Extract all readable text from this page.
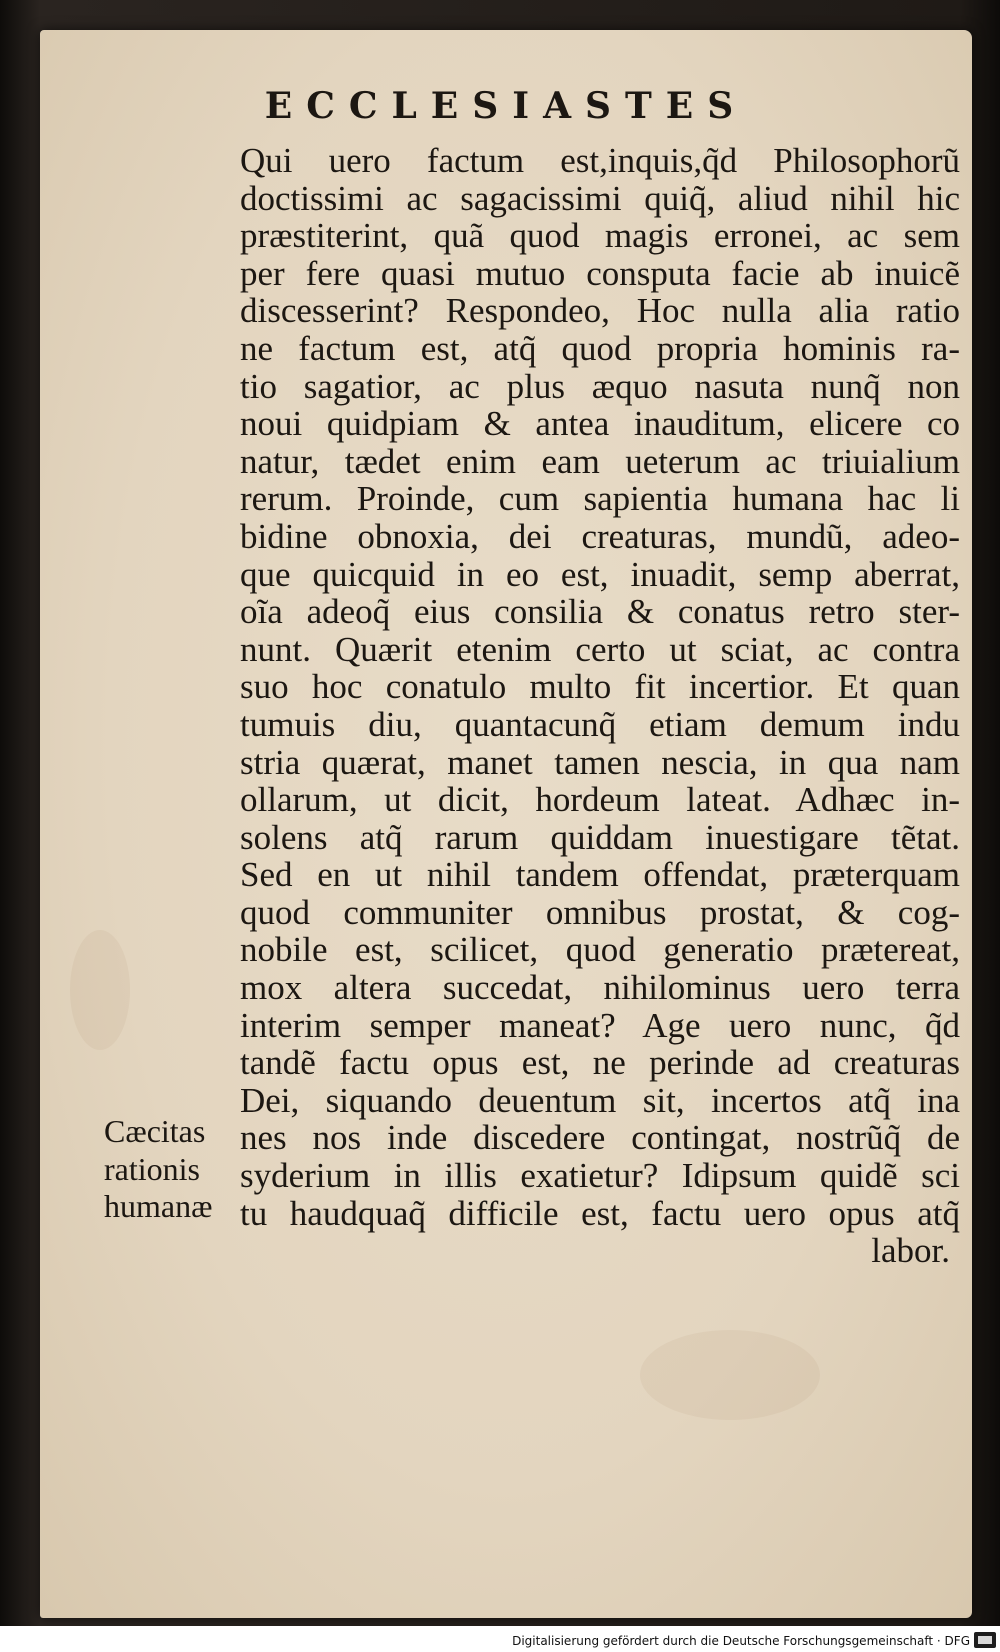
ECCLESIASTES
Qui uero factum est,inquis,q̃d Philosophorũ
doctissimi ac sagacissimi quiq̃, aliud nihil hic
præstiterint, quã quod magis erronei, ac sem
per fere quasi mutuo consputa facie ab inuicẽ
discesserint? Respondeo, Hoc nulla alia ratio
ne factum est, atq̃ quod propria hominis ra-
tio sagatior, ac plus æquo nasuta nunq̃ non
noui quidpiam & antea inauditum, elicere co
natur, tædet enim eam ueterum ac triuialium
rerum. Proinde, cum sapientia humana hac li
bidine obnoxia, dei creaturas, mundũ, adeo-
que quicquid in eo est, inuadit, semp aberrat,
oĩa adeoq̃ eius consilia & conatus retro ster-
nunt. Quærit etenim certo ut sciat, ac contra
suo hoc conatulo multo fit incertior. Et quan
tumuis diu, quantacunq̃ etiam demum indu
stria quærat, manet tamen nescia, in qua nam
ollarum, ut dicit, hordeum lateat. Adhæc in-
solens atq̃ rarum quiddam inuestigare tẽtat.
Sed en ut nihil tandem offendat, præterquam
quod communiter omnibus prostat, & cog-
nobile est, scilicet, quod generatio prætereat,
mox altera succedat, nihilominus uero terra
interim semper maneat? Age uero nunc, q̃d
tandẽ factu opus est, ne perinde ad creaturas
Dei, siquando deuentum sit, incertos atq̃ ina
nes nos inde discedere contingat, nostrũq̃ de
syderium in illis exatietur? Idipsum quidẽ sci
tu haudquaq̃ difficile est, factu uero opus atq̃
labor.
Cæcitas
rationis
humanæ
Digitalisierung gefördert durch die Deutsche Forschungsgemeinschaft · DFG
